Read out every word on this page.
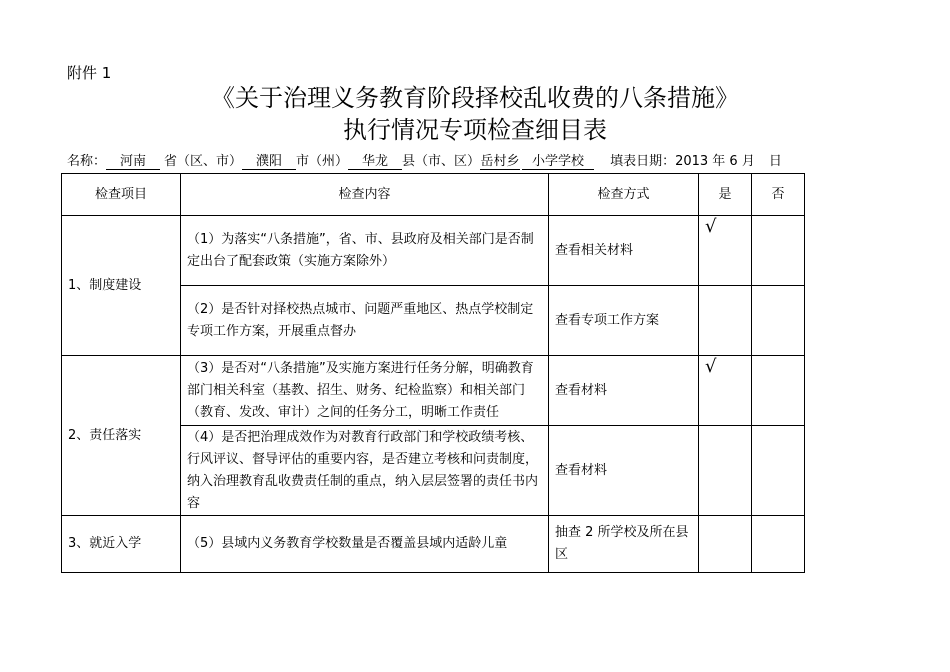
附件 1
《关于治理义务教育阶段择校乱收费的八条措施》
执行情况专项检查细目表
名称： 河南 省（区、市） 濮阳 市（州） 华龙 县（市、区）岳村乡 小学学校 填表日期：2013 年 6 月 日
检查项目	检查内容	检查方式	是	否
1、制度建设	（1）为落实“八条措施”，省、市、县政府及相关部门是否制定出台了配套政策（实施方案除外）	查看相关材料	√	
	（2）是否针对择校热点城市、问题严重地区、热点学校制定专项工作方案，开展重点督办	查看专项工作方案		
2、责任落实	（3）是否对“八条措施”及实施方案进行任务分解，明确教育部门相关科室（基教、招生、财务、纪检监察）和相关部门（教育、发改、审计）之间的任务分工，明晰工作责任	查看材料	√	
	（4）是否把治理成效作为对教育行政部门和学校政绩考核、行风评议、督导评估的重要内容，是否建立考核和问责制度，纳入治理教育乱收费责任制的重点，纳入层层签署的责任书内容	查看材料		
3、就近入学	（5）县域内义务教育学校数量是否覆盖县域内适龄儿童	抽查 2 所学校及所在县区		
